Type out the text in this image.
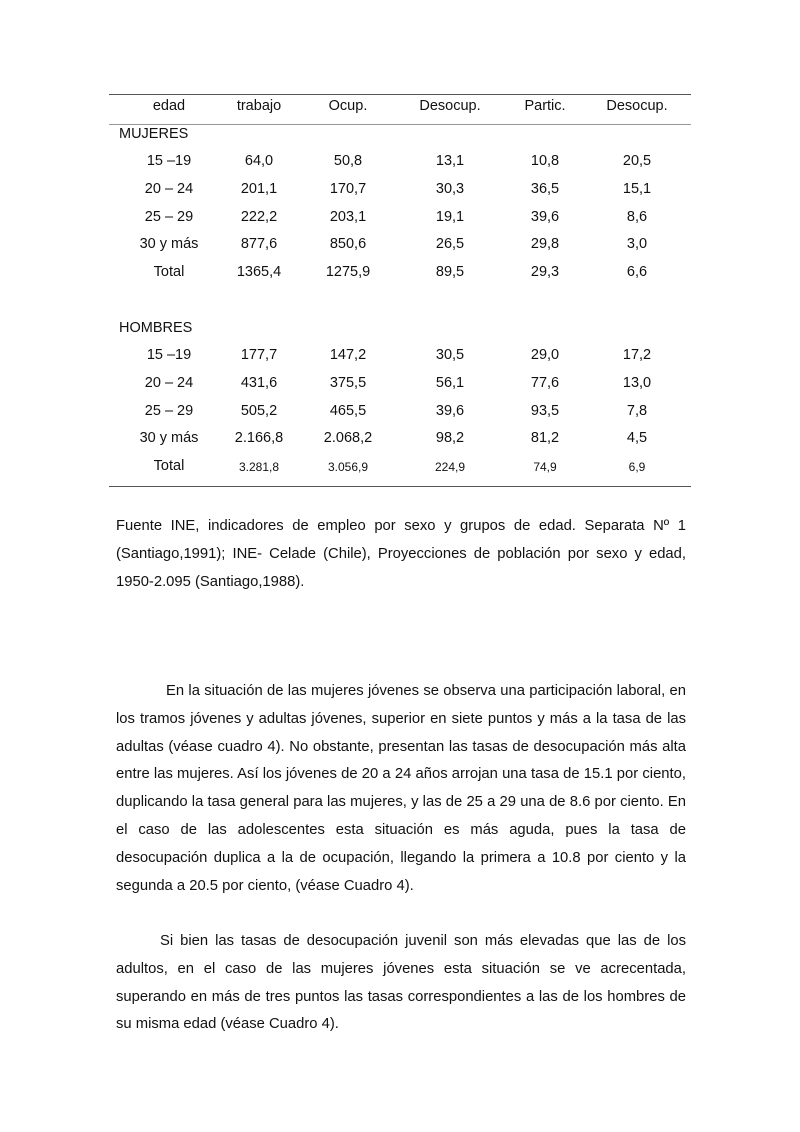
edad	trabajo	Ocup.	Desocup.	Partic.	Desocup.
MUJERES
15 –19	64,0	50,8	13,1	10,8	20,5
20 – 24	201,1	170,7	30,3	36,5	15,1
25 – 29	222,2	203,1	19,1	39,6	8,6
30 y más	877,6	850,6	26,5	29,8	3,0
Total	1365,4	1275,9	89,5	29,3	6,6
HOMBRES
15 –19	177,7	147,2	30,5	29,0	17,2
20 – 24	431,6	375,5	56,1	77,6	13,0
25 – 29	505,2	465,5	39,6	93,5	7,8
30 y más	2.166,8	2.068,2	98,2	81,2	4,5
Total	3.281,8	3.056,9	224,9	74,9	6,9
Fuente INE, indicadores de empleo por sexo y grupos de edad. Separata Nº 1 (Santiago,1991); INE- Celade (Chile), Proyecciones de población por sexo y edad, 1950-2.095 (Santiago,1988).

En la situación de las mujeres jóvenes se observa una participación laboral, en los tramos jóvenes y adultas jóvenes, superior en siete puntos y más a la tasa de las adultas (véase cuadro 4). No obstante, presentan las tasas de desocupación más alta entre las mujeres. Así los jóvenes de 20 a 24 años arrojan una tasa de 15.1 por ciento, duplicando la tasa general para las mujeres, y las de 25 a 29 una de 8.6 por ciento. En el caso de las adolescentes esta situación es más aguda, pues la tasa de desocupación duplica a la de ocupación, llegando la primera a 10.8 por ciento y la segunda a 20.5 por ciento, (véase Cuadro 4).

Si bien las tasas de desocupación juvenil son más elevadas que las de los adultos, en el caso de las mujeres jóvenes esta situación se ve acrecentada, superando en más de tres puntos las tasas correspondientes a las de los hombres de su misma edad (véase Cuadro 4).
